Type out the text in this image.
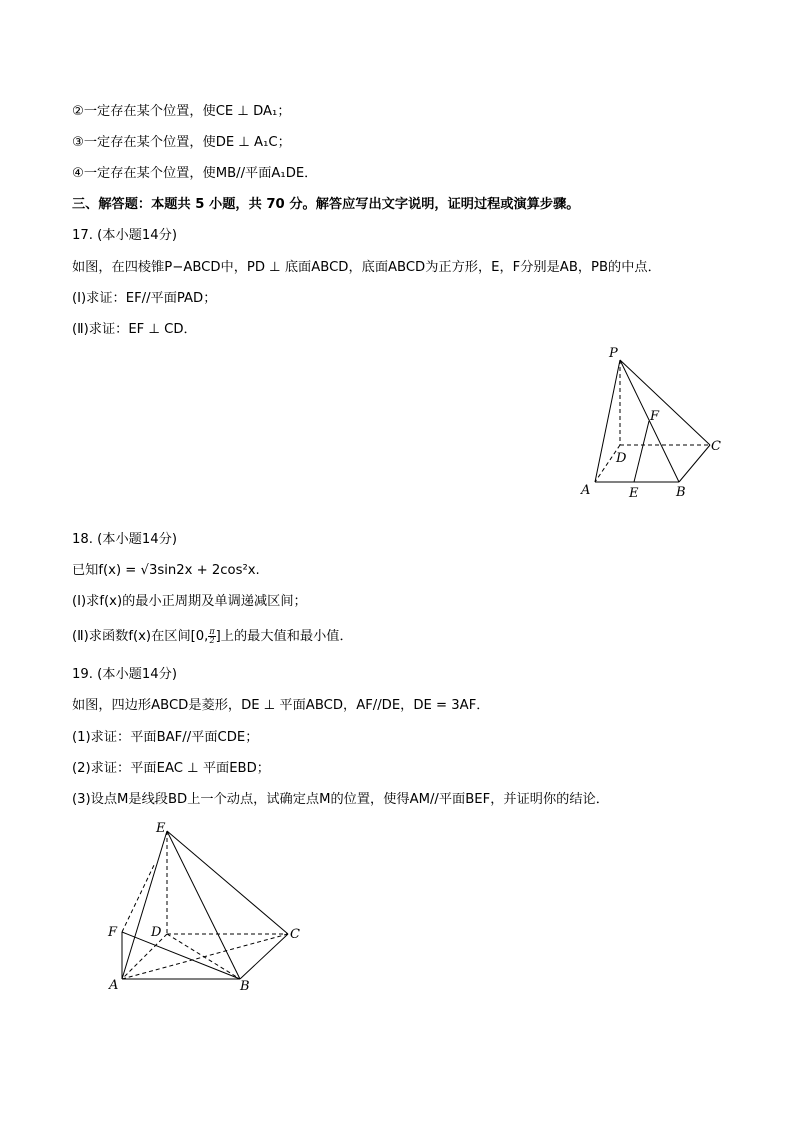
②一定存在某个位置，使CE ⊥ DA₁；

③一定存在某个位置，使DE ⊥ A₁C；

④一定存在某个位置，使MB//平面A₁DE．

三、解答题：本题共 5 小题，共 70 分。解答应写出文字说明，证明过程或演算步骤。

17. (本小题14分)

如图，在四棱锥P−ABCD中，PD ⊥ 底面ABCD，底面ABCD为正方形，E，F分别是AB，PB的中点．

(Ⅰ)求证：EF//平面PAD；

(Ⅱ)求证：EF ⊥ CD．

P
F
C
D
A	E	B

18. (本小题14分)

已知f(x) = √3sin2x + 2cos²x.

(Ⅰ)求f(x)的最小正周期及单调递减区间；

(Ⅱ)求函数f(x)在区间[0, $\frac{\pi}{2}$ ]上的最大值和最小值．

19. (本小题14分)

如图，四边形ABCD是菱形，DE ⊥ 平面ABCD，AF//DE，DE = 3AF．

(1)求证：平面BAF//平面CDE；

(2)求证：平面EAC ⊥ 平面EBD；

(3)设点M是线段BD上一个动点，试确定点M的位置，使得AM//平面BEF，并证明你的结论．

E
F	D	C
A	B
